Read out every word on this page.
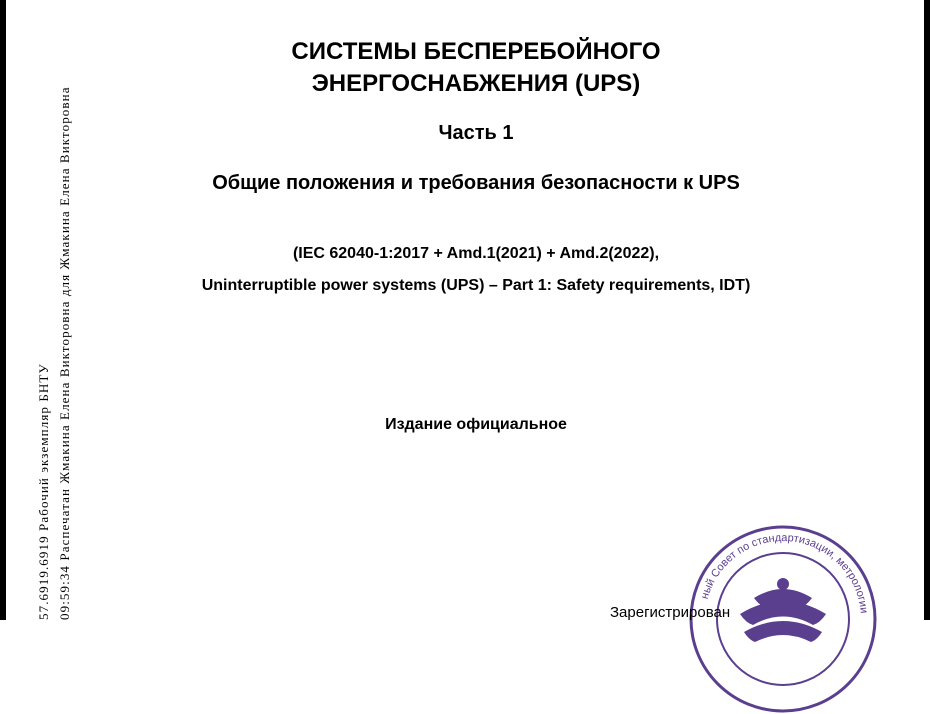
57.6919.6919 Рабочий экземпляр БНТУ 09:59:34 Распечатан Жмакина Елена Викторовна для Жмакина Елена Викторовна
СИСТЕМЫ БЕСПЕРЕБОЙНОГО
ЭНЕРГОСНАБЖЕНИЯ (UPS)
Часть 1
Общие положения и требования безопасности к UPS
(IEC 62040-1:2017 + Amd.1(2021) + Amd.2(2022),
Uninterruptible power systems (UPS) – Part 1: Safety requirements, IDT)
Издание официальное
ный Совет по стандартизации, метрологии
Зарегистрирован
